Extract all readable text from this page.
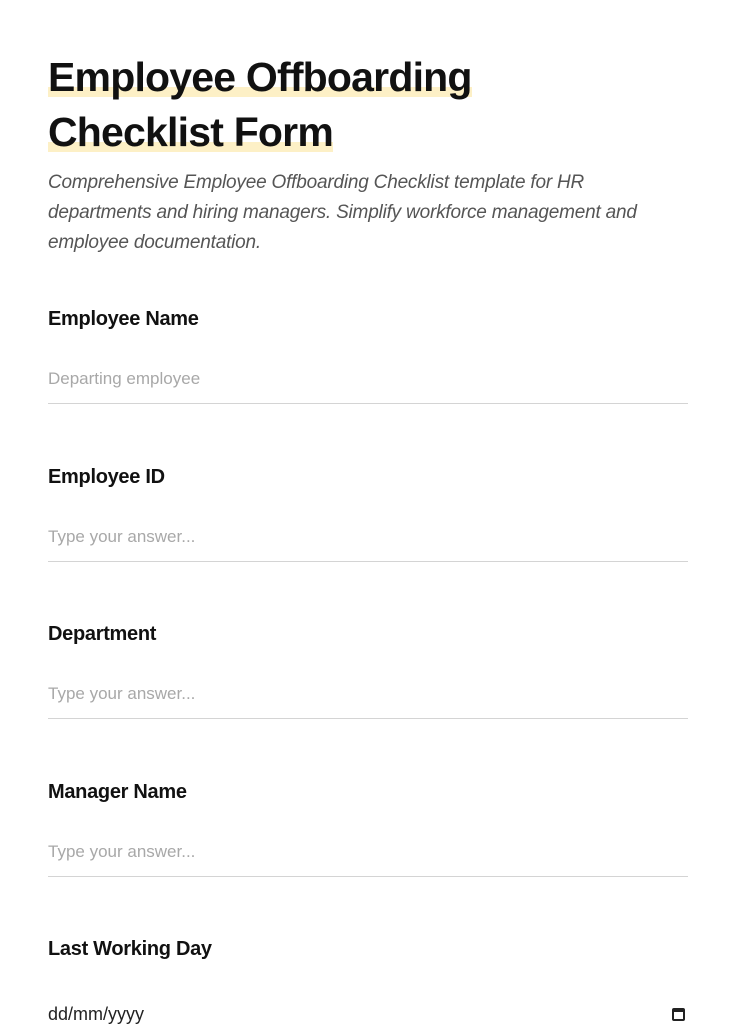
Employee Offboarding
Checklist Form

Comprehensive Employee Offboarding Checklist template for HR departments and hiring managers. Simplify workforce management and employee documentation.

Employee Name
Departing employee
Employee ID
Type your answer...
Department
Type your answer...
Manager Name
Type your answer...
Last Working Day
dd/mm/yyyy
